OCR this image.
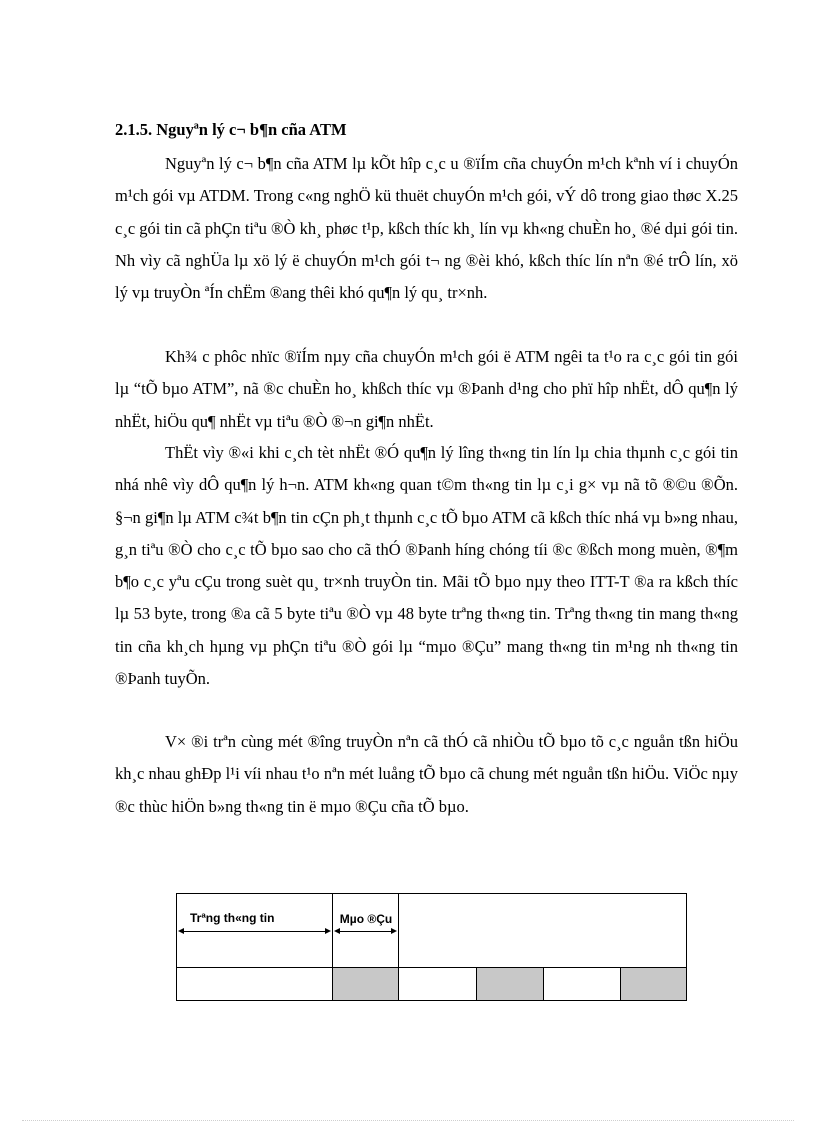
2.1.5. Nguyªn lý c¬ b¶n cña ATM
Nguyªn lý c¬ b¶n cña ATM lµ kÕt hîp c¸c u ®ïÍm cña chuyÓn m¹ch kªnh ví i chuyÓn m¹ch gói vµ ATDM. Trong c«ng nghÖ kü thuët chuyÓn m¹ch gói, vÝ dô trong giao thøc X.25 c¸c gói tin cã phÇn tiªu ®Ò kh¸ phøc t¹p, kßch thíc kh¸ lín vµ kh«ng chuÈn ho¸ ®é dµi gói tin. Nh vìy cã nghÜa lµ xö lý ë chuyÓn m¹ch gói t¬ ng ®èi khó, kßch thíc lín nªn ®é trÔ lín, xö lý vµ truyÒn ªÍn chËm ®ang thêi khó qu¶n lý qu¸ tr×nh.
Kh¾ c phôc nhïc ®ïÍm nµy cña chuyÓn m¹ch gói ë ATM ngêi ta t¹o ra c¸c gói tin gói lµ “tÕ bµo ATM”, nã ®c chuÈn ho¸ khßch thíc vµ ®Þanh d¹ng cho phï hîp nhËt, dÔ qu¶n lý nhËt, hiÖu qu¶ nhËt vµ tiªu ®Ò ®¬n gi¶n nhËt.
ThËt vìy ®«i khi c¸ch tèt nhËt ®Ó qu¶n lý lîng th«ng tin lín lµ chia thµnh c¸c gói tin nhá nhê vìy dÔ qu¶n lý h¬n. ATM kh«ng quan t©m th«ng tin lµ c¸i g× vµ nã tõ ®©u ®Õn. §¬n gi¶n lµ ATM c¾t b¶n tin cÇn ph¸t thµnh c¸c tÕ bµo ATM cã kßch thíc nhá vµ b»ng nhau, g¸n tiªu ®Ò cho c¸c tÕ bµo sao cho cã thÓ ®Þanh híng chóng tíi ®c ®ßch mong muèn, ®¶m b¶o c¸c yªu cÇu trong suèt qu¸ tr×nh truyÒn tin. Mãi tÕ bµo nµy theo ITT-T ®a ra kßch thíc lµ 53 byte, trong ®a cã 5 byte tiªu ®Ò vµ 48 byte trªng th«ng tin. Trªng th«ng tin mang th«ng tin cña kh¸ch hµng vµ phÇn tiªu ®Ò gói lµ “mµo ®Çu” mang th«ng tin m¹ng nh th«ng tin ®Þanh tuyÕn.
V× ®i trªn cùng mét ®îng truyÒn nªn cã thÓ cã nhiÒu tÕ bµo tõ c¸c nguån tßn hiÖu kh¸c nhau ghÐp l¹i víi nhau t¹o nªn mét luång tÕ bµo cã chung mét nguån tßn hiÖu. ViÖc nµy ®c thùc hiÖn b»ng th«ng tin ë mµo ®Çu cña tÕ bµo.
Trªng th«ng tin	Mµo ®Çu
